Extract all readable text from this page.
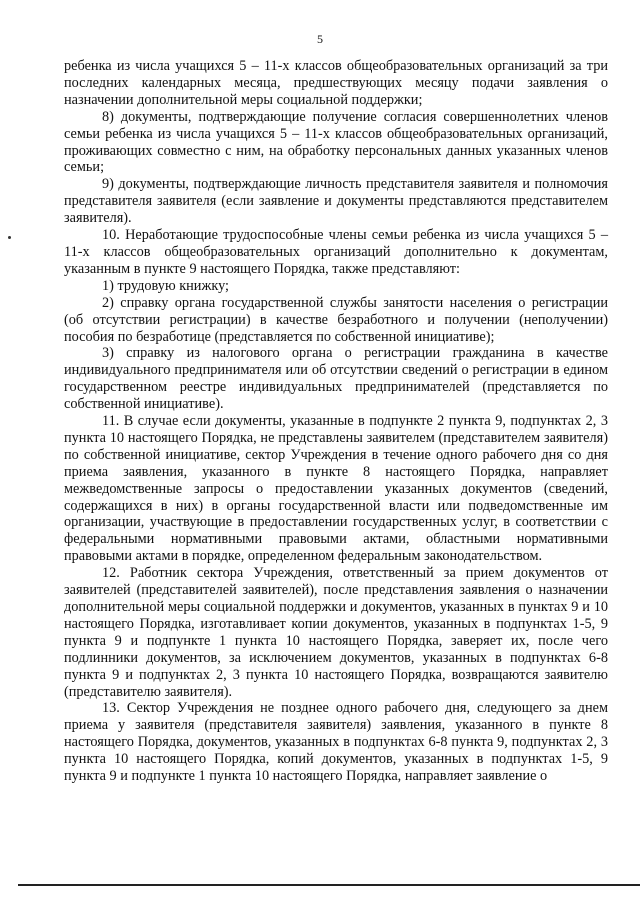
5

ребенка из числа учащихся 5 – 11-х классов общеобразовательных организаций за три последних календарных месяца, предшествующих месяцу подачи заявления о назначении дополнительной меры социальной поддержки;

8) документы, подтверждающие получение согласия совершеннолетних членов семьи ребенка из числа учащихся 5 – 11-х классов общеобразовательных организаций, проживающих совместно с ним, на обработку персональных данных указанных членов семьи;

9) документы, подтверждающие личность представителя заявителя и полномочия представителя заявителя (если заявление и документы представляются представителем заявителя).

10. Неработающие трудоспособные члены семьи ребенка из числа учащихся 5 – 11-х классов общеобразовательных организаций дополнительно к документам, указанным в пункте 9 настоящего Порядка, также представляют:

1) трудовую книжку;

2) справку органа государственной службы занятости населения о регистрации (об отсутствии регистрации) в качестве безработного и получении (неполучении) пособия по безработице (представляется по собственной инициативе);

3) справку из налогового органа о регистрации гражданина в качестве индивидуального предпринимателя или об отсутствии сведений о регистрации в едином государственном реестре индивидуальных предпринимателей (представляется по собственной инициативе).

11. В случае если документы, указанные в подпункте 2 пункта 9, подпунктах 2, 3 пункта 10 настоящего Порядка, не представлены заявителем (представителем заявителя) по собственной инициативе, сектор Учреждения в течение одного рабочего дня со дня приема заявления, указанного в пункте 8 настоящего Порядка, направляет межведомственные запросы о предоставлении указанных документов (сведений, содержащихся в них) в органы государственной власти или подведомственные им организации, участвующие в предоставлении государственных услуг, в соответствии с федеральными нормативными правовыми актами, областными нормативными правовыми актами в порядке, определенном федеральным законодательством.

12. Работник сектора Учреждения, ответственный за прием документов от заявителей (представителей заявителей), после представления заявления о назначении дополнительной меры социальной поддержки и документов, указанных в пунктах 9 и 10 настоящего Порядка, изготавливает копии документов, указанных в подпунктах 1-5, 9 пункта 9 и подпункте 1 пункта 10 настоящего Порядка, заверяет их, после чего подлинники документов, за исключением документов, указанных в подпунктах 6-8 пункта 9 и подпунктах 2, 3 пункта 10 настоящего Порядка, возвращаются заявителю (представителю заявителя).

13. Сектор Учреждения не позднее одного рабочего дня, следующего за днем приема у заявителя (представителя заявителя) заявления, указанного в пункте 8 настоящего Порядка, документов, указанных в подпунктах 6-8 пункта 9, подпунктах 2, 3 пункта 10 настоящего Порядка, копий документов, указанных в подпунктах 1-5, 9 пункта 9 и подпункте 1 пункта 10 настоящего Порядка, направляет заявление о
